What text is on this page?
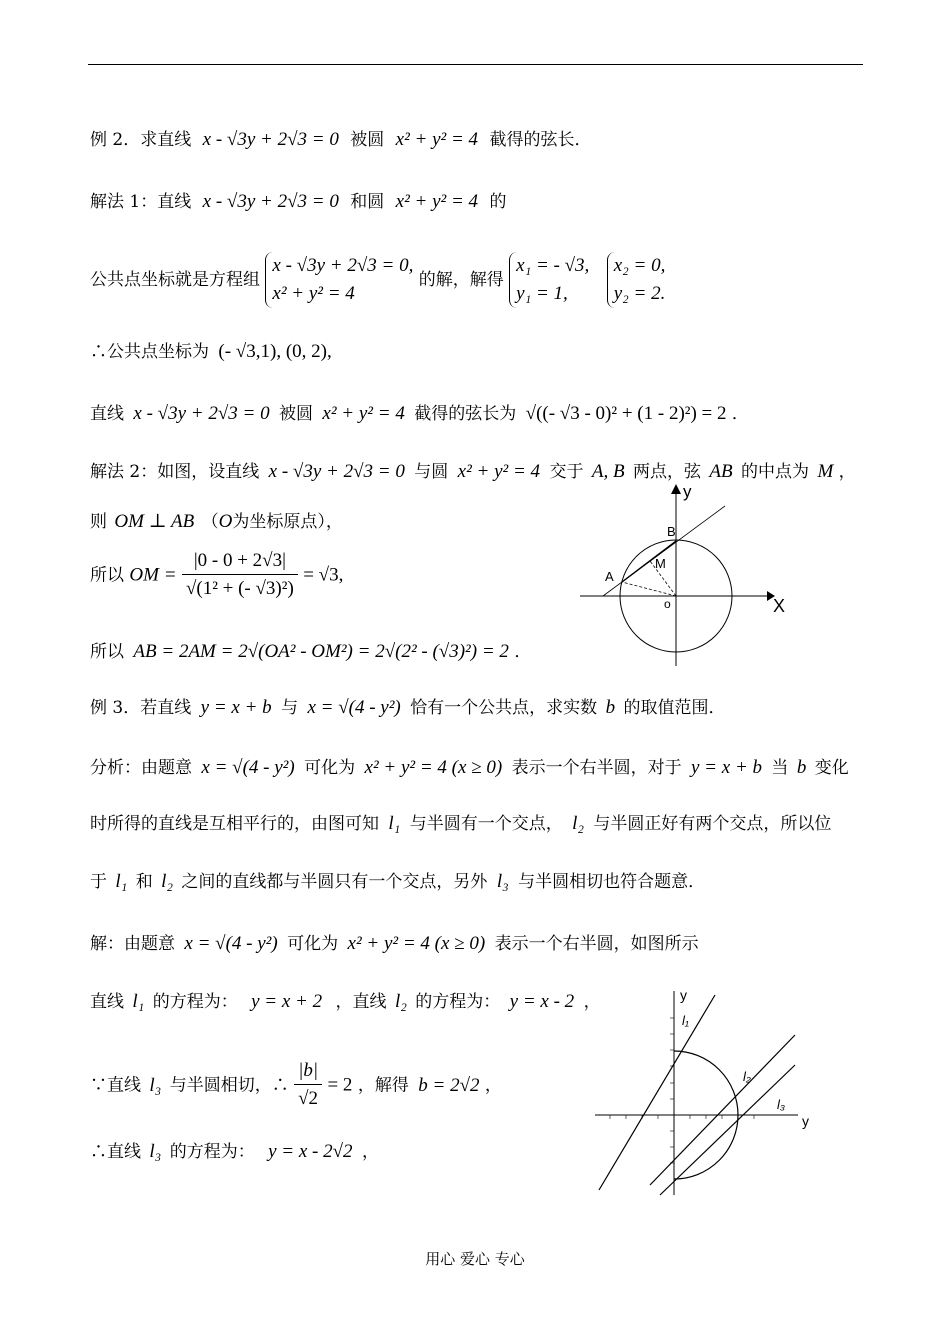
例 2．求直线 x - √3y + 2√3 = 0 被圆 x² + y² = 4 截得的弦长．
解法 1：直线 x - √3y + 2√3 = 0 和圆 x² + y² = 4 的
公共点坐标就是方程组
x - √3y + 2√3 = 0,
x² + y² = 4
的解，解得
x₁ = - √3,
y₁ = 1,

x₂ = 0,
y₂ = 2.
∴公共点坐标为 (- √3,1), (0, 2),
直线 x - √3y + 2√3 = 0 被圆 x² + y² = 4 截得的弦长为 √((- √3 - 0)² + (1 - 2)²) = 2 ．
解法 2：如图，设直线 x - √3y + 2√3 = 0 与圆 x² + y² = 4 交于 A, B 两点，弦 AB 的中点为 M ，
则 OM ⊥ AB （O为坐标原点），
所以 OM = $\frac{|0 - 0 + 2√3|}{\text{√(1² + (- √3)²)}} = √3$,
所以 AB = 2AM = 2√(OA² - OM²) = 2√(2² - (√3)²) = 2 ．
y
X
B
A
M
o
例 3．若直线 y = x + b 与 x = √(4 - y²) 恰有一个公共点，求实数 b 的取值范围．
分析：由题意 x = √(4 - y²) 可化为 x² + y² = 4 (x ≥ 0) 表示一个右半圆，对于 y = x + b 当 b 变化
时所得的直线是互相平行的，由图可知 l₁ 与半圆有一个交点， l₂ 与半圆正好有两个交点，所以位
于 l₁ 和 l₂ 之间的直线都与半圆只有一个交点，另外 l₃ 与半圆相切也符合题意．
解：由题意 x = √(4 - y²) 可化为 x² + y² = 4 (x ≥ 0) 表示一个右半圆，如图所示
直线 l₁ 的方程为： y = x + 2 ，直线 l₂ 的方程为： y = x - 2 ，
∵直线 l₃ 与半圆相切，∴ $\frac{|b|}{√2} = 2$ ，解得 b = 2√2 ，
∴直线 l₃ 的方程为： y = x - 2√2 ，
y
y
l₁
l₂
l₃
用心 爱心 专心
